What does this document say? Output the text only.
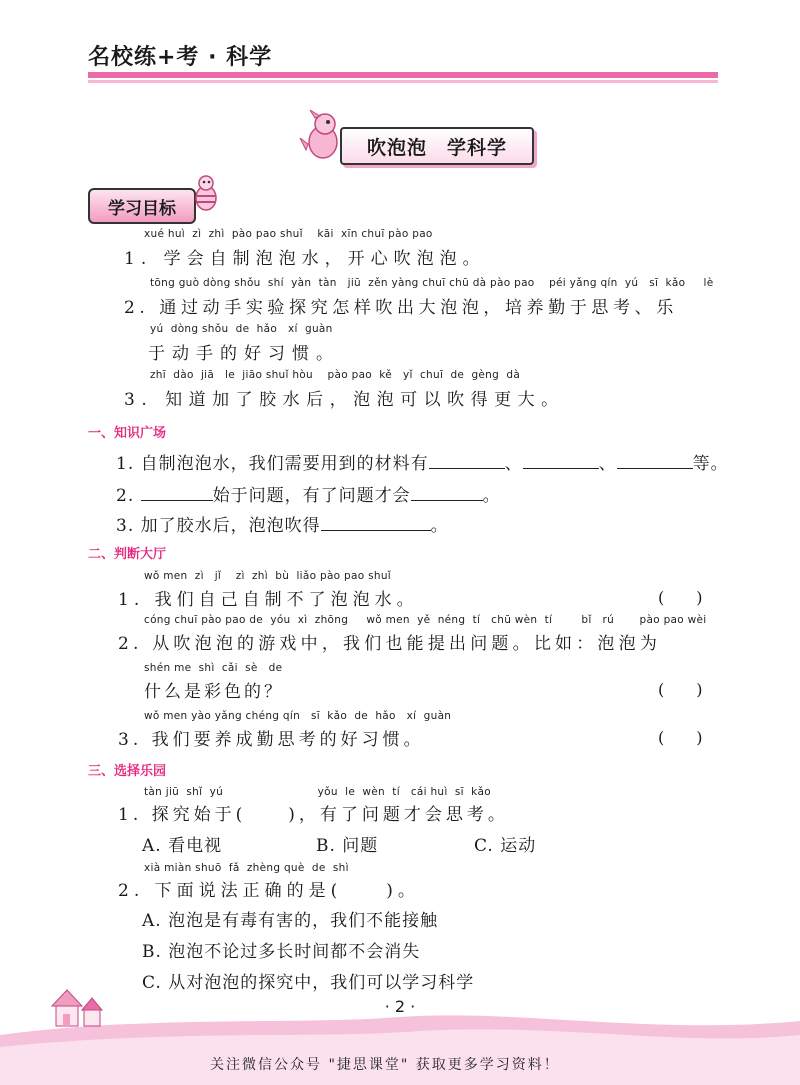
名校练+考 · 科学
吹泡泡　学科学
学习目标
xué huì  zì  zhì  pào pao shuǐ    kāi  xīn chuī pào pao
1. 学会自制泡泡水，开心吹泡泡。
tōng guò dòng shǒu  shí  yàn  tàn   jiū  zěn yàng chuī chū dà pào pao    péi yǎng qín  yú   sī  kǎo     lè
2. 通过动手实验探究怎样吹出大泡泡，培养勤于思考、乐
yú  dòng shǒu  de  hǎo   xí  guàn
于动手的好习惯。
zhī  dào  jiā   le  jiāo shuǐ hòu    pào pao  kě   yǐ  chuī  de  gèng  dà
3. 知道加了胶水后，泡泡可以吹得更大。
一、知识广场
1. 自制泡泡水，我们需要用到的材料有	、	、	等。
2.	始于问题，有了问题才会	。
3. 加了胶水后，泡泡吹得	。
二、判断大厅
wǒ men  zì   jǐ    zì  zhì  bù  liǎo pào pao shuǐ
1. 我们自己自制不了泡泡水。	(　　)
cóng chuī pào pao de  yóu  xì  zhōng     wǒ men  yě  néng  tí   chū wèn  tí        bǐ   rú       pào pao wèi
2. 从吹泡泡的游戏中，我们也能提出问题。比如：泡泡为
shén me  shì  cǎi  sè   de
什么是彩色的？	(　　)
wǒ men yào yǎng chéng qín   sī  kǎo  de  hǎo   xí  guàn
3. 我们要养成勤思考的好习惯。	(　　)
三、选择乐园
tàn jiū  shǐ  yú                          yǒu  le  wèn  tí   cái huì  sī  kǎo
1. 探究始于(　　)，有了问题才会思考。
A. 看电视	B. 问题	C. 运动
xià miàn shuō  fǎ  zhèng què  de  shì
2. 下面说法正确的是(　　)。
A. 泡泡是有毒有害的，我们不能接触
B. 泡泡不论过多长时间都不会消失
C. 从对泡泡的探究中，我们可以学习科学
· 2 ·
关注微信公众号 "捷思课堂" 获取更多学习资料！
